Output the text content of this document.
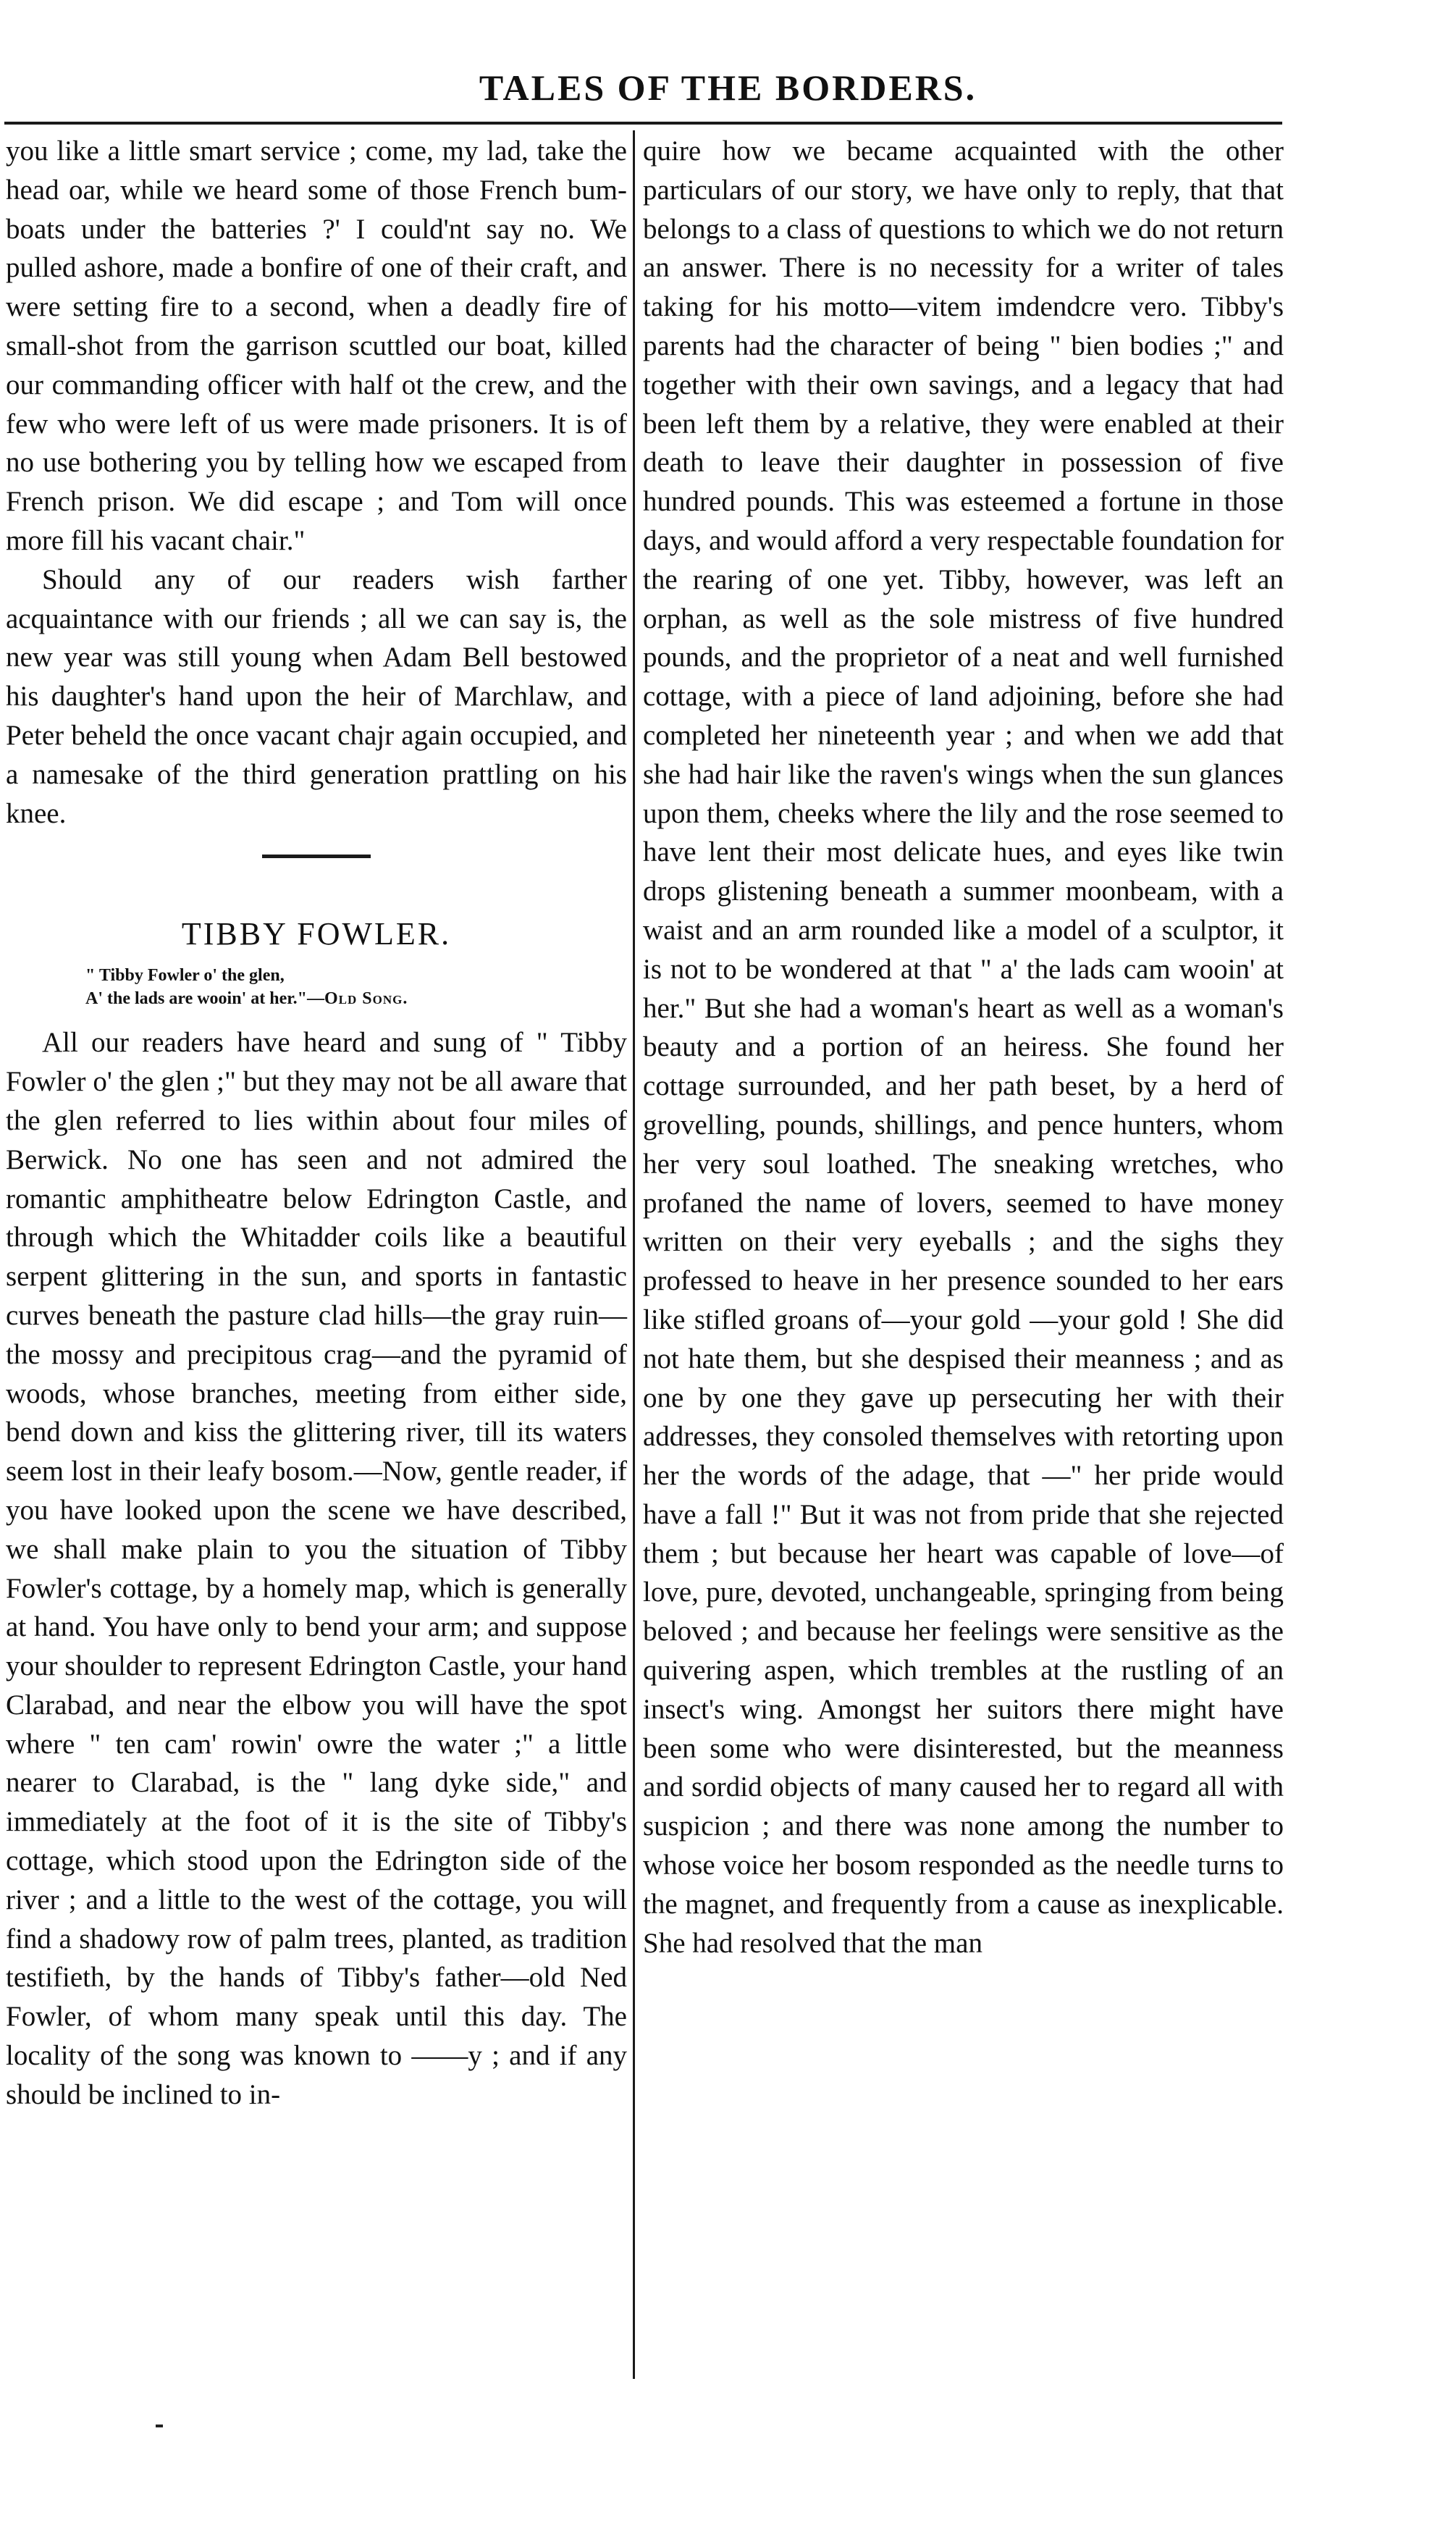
TALES OF THE BORDERS.

you like a little smart service ; come, my lad, take the head oar, while we heard some of those French bum-boats under the batteries ?' I could'nt say no. We pulled ashore, made a bonfire of one of their craft, and were setting fire to a second, when a deadly fire of small-shot from the garrison scuttled our boat, killed our commanding officer with half ot the crew, and the few who were left of us were made prisoners. It is of no use bothering you by telling how we escaped from French prison. We did escape ; and Tom will once more fill his vacant chair."

Should any of our readers wish farther acquaintance with our friends ; all we can say is, the new year was still young when Adam Bell bestowed his daughter's hand upon the heir of Marchlaw, and Peter beheld the once vacant chajr again occupied, and a namesake of the third generation prattling on his knee.

TIBBY FOWLER.
" Tibby Fowler o' the glen,
A' the lads are wooin' at her."—Old Song.

All our readers have heard and sung of " Tibby Fowler o' the glen ;" but they may not be all aware that the glen referred to lies within about four miles of Berwick. No one has seen and not admired the romantic amphitheatre below Edrington Castle, and through which the Whitadder coils like a beautiful serpent glittering in the sun, and sports in fantastic curves beneath the pasture clad hills—the gray ruin—the mossy and precipitous crag—and the pyramid of woods, whose branches, meeting from either side, bend down and kiss the glittering river, till its waters seem lost in their leafy bosom.—Now, gentle reader, if you have looked upon the scene we have described, we shall make plain to you the situation of Tibby Fowler's cottage, by a homely map, which is generally at hand. You have only to bend your arm; and suppose your shoulder to represent Edrington Castle, your hand Clarabad, and near the elbow you will have the spot where " ten cam' rowin' owre the water ;" a little nearer to Clarabad, is the " lang dyke side," and immediately at the foot of it is the site of Tibby's cottage, which stood upon the Edrington side of the river ; and a little to the west of the cottage, you will find a shadowy row of palm trees, planted, as tradition testifieth, by the hands of Tibby's father—old Ned Fowler, of whom many speak until this day. The locality of the song was known to ——y ; and if any should be inclined to in-

quire how we became acquainted with the other particulars of our story, we have only to reply, that that belongs to a class of questions to which we do not return an answer. There is no necessity for a writer of tales taking for his motto—vitem imdendcre vero. Tibby's parents had the character of being " bien bodies ;" and together with their own savings, and a legacy that had been left them by a relative, they were enabled at their death to leave their daughter in possession of five hundred pounds. This was esteemed a fortune in those days, and would afford a very respectable foundation for the rearing of one yet. Tibby, however, was left an orphan, as well as the sole mistress of five hundred pounds, and the proprietor of a neat and well furnished cottage, with a piece of land adjoining, before she had completed her nineteenth year ; and when we add that she had hair like the raven's wings when the sun glances upon them, cheeks where the lily and the rose seemed to have lent their most delicate hues, and eyes like twin drops glistening beneath a summer moonbeam, with a waist and an arm rounded like a model of a sculptor, it is not to be wondered at that " a' the lads cam wooin' at her." But she had a woman's heart as well as a woman's beauty and a portion of an heiress. She found her cottage surrounded, and her path beset, by a herd of grovelling, pounds, shillings, and pence hunters, whom her very soul loathed. The sneaking wretches, who profaned the name of lovers, seemed to have money written on their very eyeballs ; and the sighs they professed to heave in her presence sounded to her ears like stifled groans of—your gold —your gold ! She did not hate them, but she despised their meanness ; and as one by one they gave up persecuting her with their addresses, they consoled themselves with retorting upon her the words of the adage, that —" her pride would have a fall !" But it was not from pride that she rejected them ; but because her heart was capable of love—of love, pure, devoted, unchangeable, springing from being beloved ; and because her feelings were sensitive as the quivering aspen, which trembles at the rustling of an insect's wing. Amongst her suitors there might have been some who were disinterested, but the meanness and sordid objects of many caused her to regard all with suspicion ; and there was none among the number to whose voice her bosom responded as the needle turns to the magnet, and frequently from a cause as inexplicable. She had resolved that the man
